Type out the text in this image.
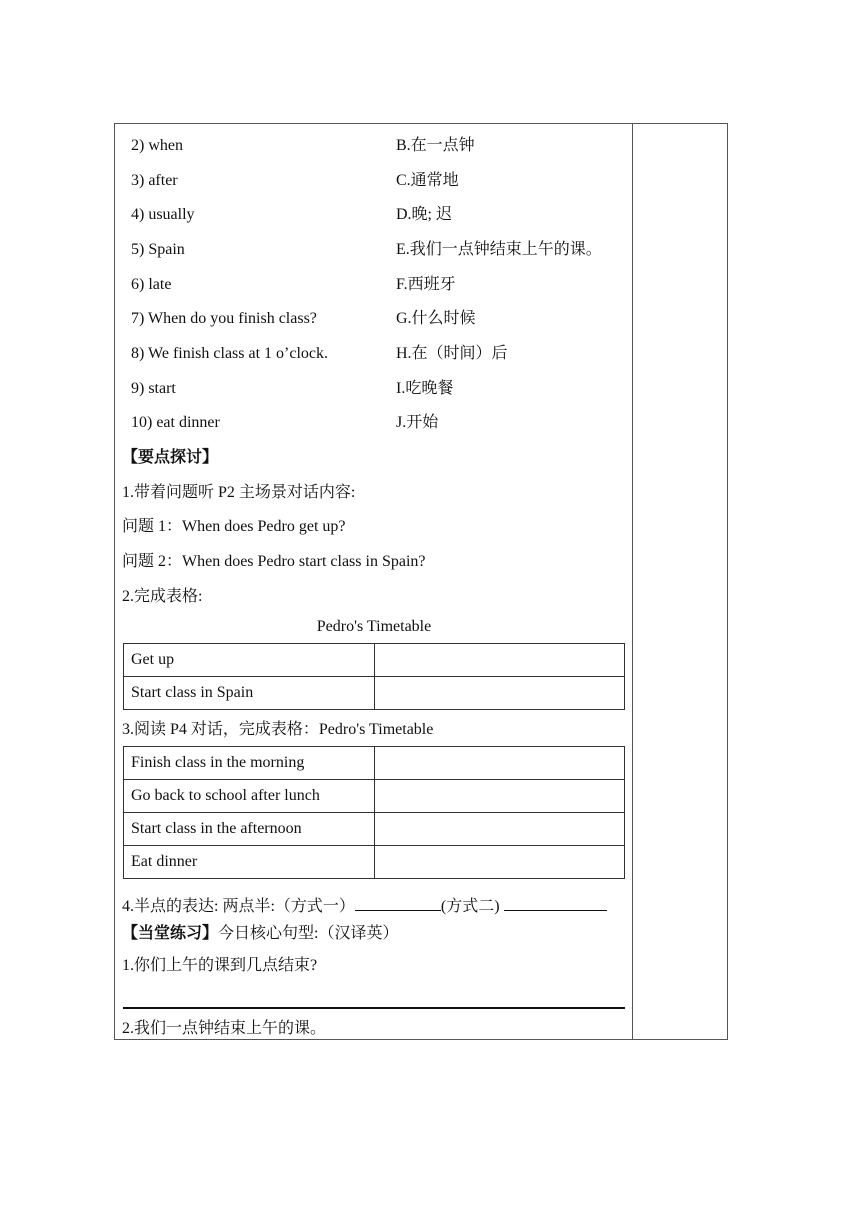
2) when	B.在一点钟
3) after	C.通常地
4) usually	D.晚; 迟
5) Spain	E.我们一点钟结束上午的课。
6) late	F.西班牙
7) When do you finish class?	G.什么时候
8) We finish class at 1 o’clock.	H.在（时间）后
9) start	I.吃晚餐
10) eat dinner	J.开始
【要点探讨】
1.带着问题听 P2 主场景对话内容:
问题 1：When does Pedro get up?
问题 2：When does Pedro start class in Spain?
2.完成表格:
Pedro's Timetable
Get up	
Start class in Spain	
3.阅读 P4 对话，完成表格：Pedro's Timetable
Finish class in the morning	
Go back to school after lunch	
Start class in the afternoon	
Eat dinner	
4.半点的表达: 两点半:（方式一）	(方式二)
【当堂练习】今日核心句型:（汉译英）
1.你们上午的课到几点结束?
2.我们一点钟结束上午的课。
